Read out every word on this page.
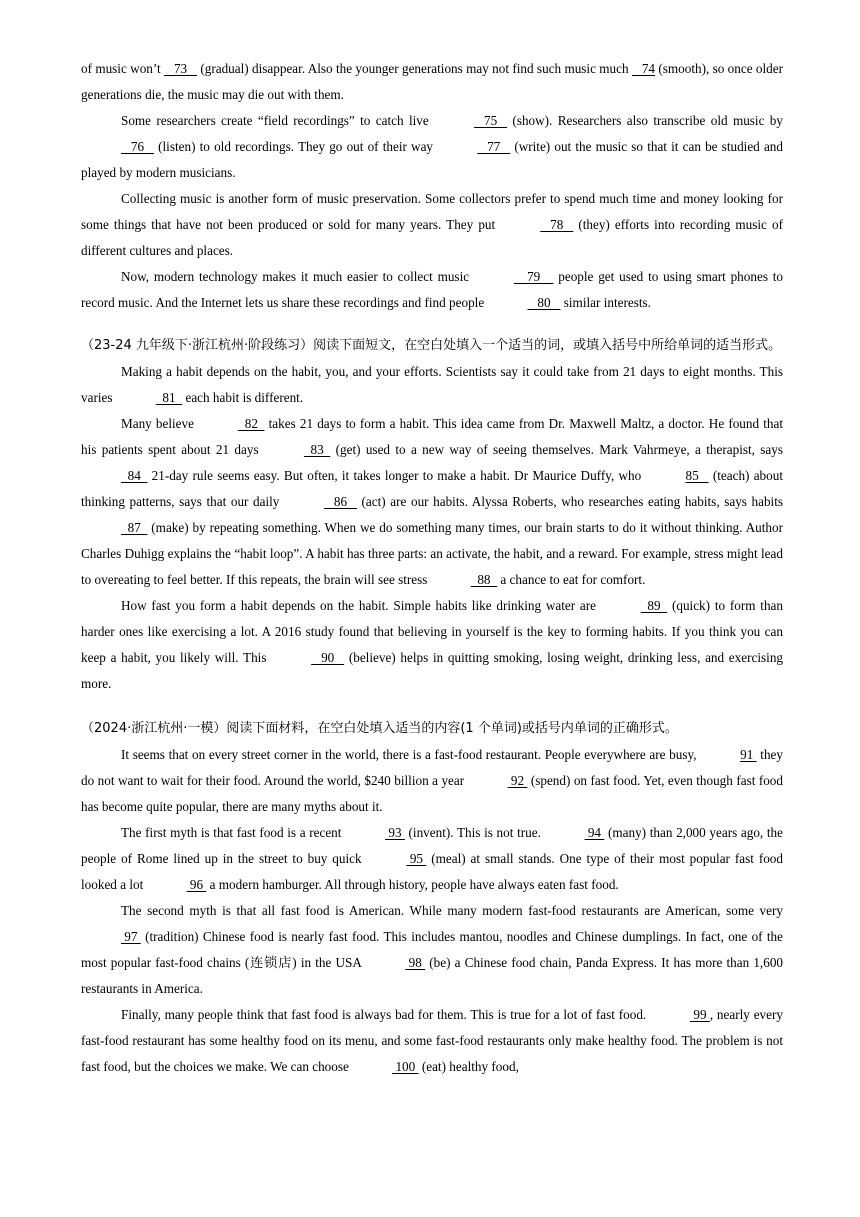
of music won’t    73    (gradual) disappear. Also the younger generations may not find such music much    74 (smooth), so once older generations die, the music may die out with them.

Some researchers create “field recordings” to catch live	75    (show). Researchers also transcribe old music by    76    (listen) to old recordings. They go out of their way	77    (write) out the music so that it can be studied and played by modern musicians.

Collecting music is another form of music preservation. Some collectors prefer to spend much time and money looking for some things that have not been produced or sold for many years. They put	78    (they) efforts into recording music of different cultures and places.

Now, modern technology makes it much easier to collect music	79     people get used to using smart phones to record music. And the Internet lets us share these recordings and find people	80    similar interests.

（23-24 九年级下·浙江杭州·阶段练习）阅读下面短文，在空白处填入一个适当的词，或填入括号中所给单词的适当形式。

Making a habit depends on the habit, you, and your efforts. Scientists say it could take from 21 days to eight months. This varies	81   each habit is different.

Many believe	82   takes 21 days to form a habit. This idea came from Dr. Maxwell Maltz, a doctor. He found that his patients spent about 21 days	83   (get) used to a new way of seeing themselves. Mark Vahrmeye, a therapist, says   84   21-day rule seems easy. But often, it takes longer to make a habit. Dr Maurice Duffy, who	85    (teach) about thinking patterns, says that our daily	86    (act) are our habits. Alyssa Roberts, who researches eating habits, says habits   87   (make) by repeating something. When we do something many times, our brain starts to do it without thinking. Author Charles Duhigg explains the “habit loop”. A habit has three parts: an activate, the habit, and a reward. For example, stress might lead to overeating to feel better. If this repeats, the brain will see stress	88   a chance to eat for comfort.

How fast you form a habit depends on the habit. Simple habits like drinking water are	89   (quick) to form than harder ones like exercising a lot. A 2016 study found that believing in yourself is the key to forming habits. If you think you can keep a habit, you likely will. This	90    (believe) helps in quitting smoking, losing weight, drinking less, and exercising more.

（2024·浙江杭州·一模）阅读下面材料，在空白处填入适当的内容(1 个单词)或括号内单词的正确形式。

It seems that on every street corner in the world, there is a fast-food restaurant. People everywhere are busy,	91  they do not want to wait for their food. Around the world, $240 billion a year	92  (spend) on fast food. Yet, even though fast food has become quite popular, there are many myths about it.

The first myth is that fast food is a recent	93  (invent). This is not true.	94  (many) than 2,000 years ago, the people of Rome lined up in the street to buy quick	95  (meal) at small stands. One type of their most popular fast food looked a lot	96  a modern hamburger. All through history, people have always eaten fast food.

The second myth is that all fast food is American. While many modern fast-food restaurants are American, some very  97  (tradition) Chinese food is nearly fast food. This includes mantou, noodles and Chinese dumplings. In fact, one of the most popular fast-food chains (连锁店) in the USA	98  (be) a Chinese food chain, Panda Express. It has more than 1,600 restaurants in America.

Finally, many people think that fast food is always bad for them. This is true for a lot of fast food.	99 , nearly every fast-food restaurant has some healthy food on its menu, and some fast-food restaurants only make healthy food. The problem is not fast food, but the choices we make. We can choose	100  (eat) healthy food,
